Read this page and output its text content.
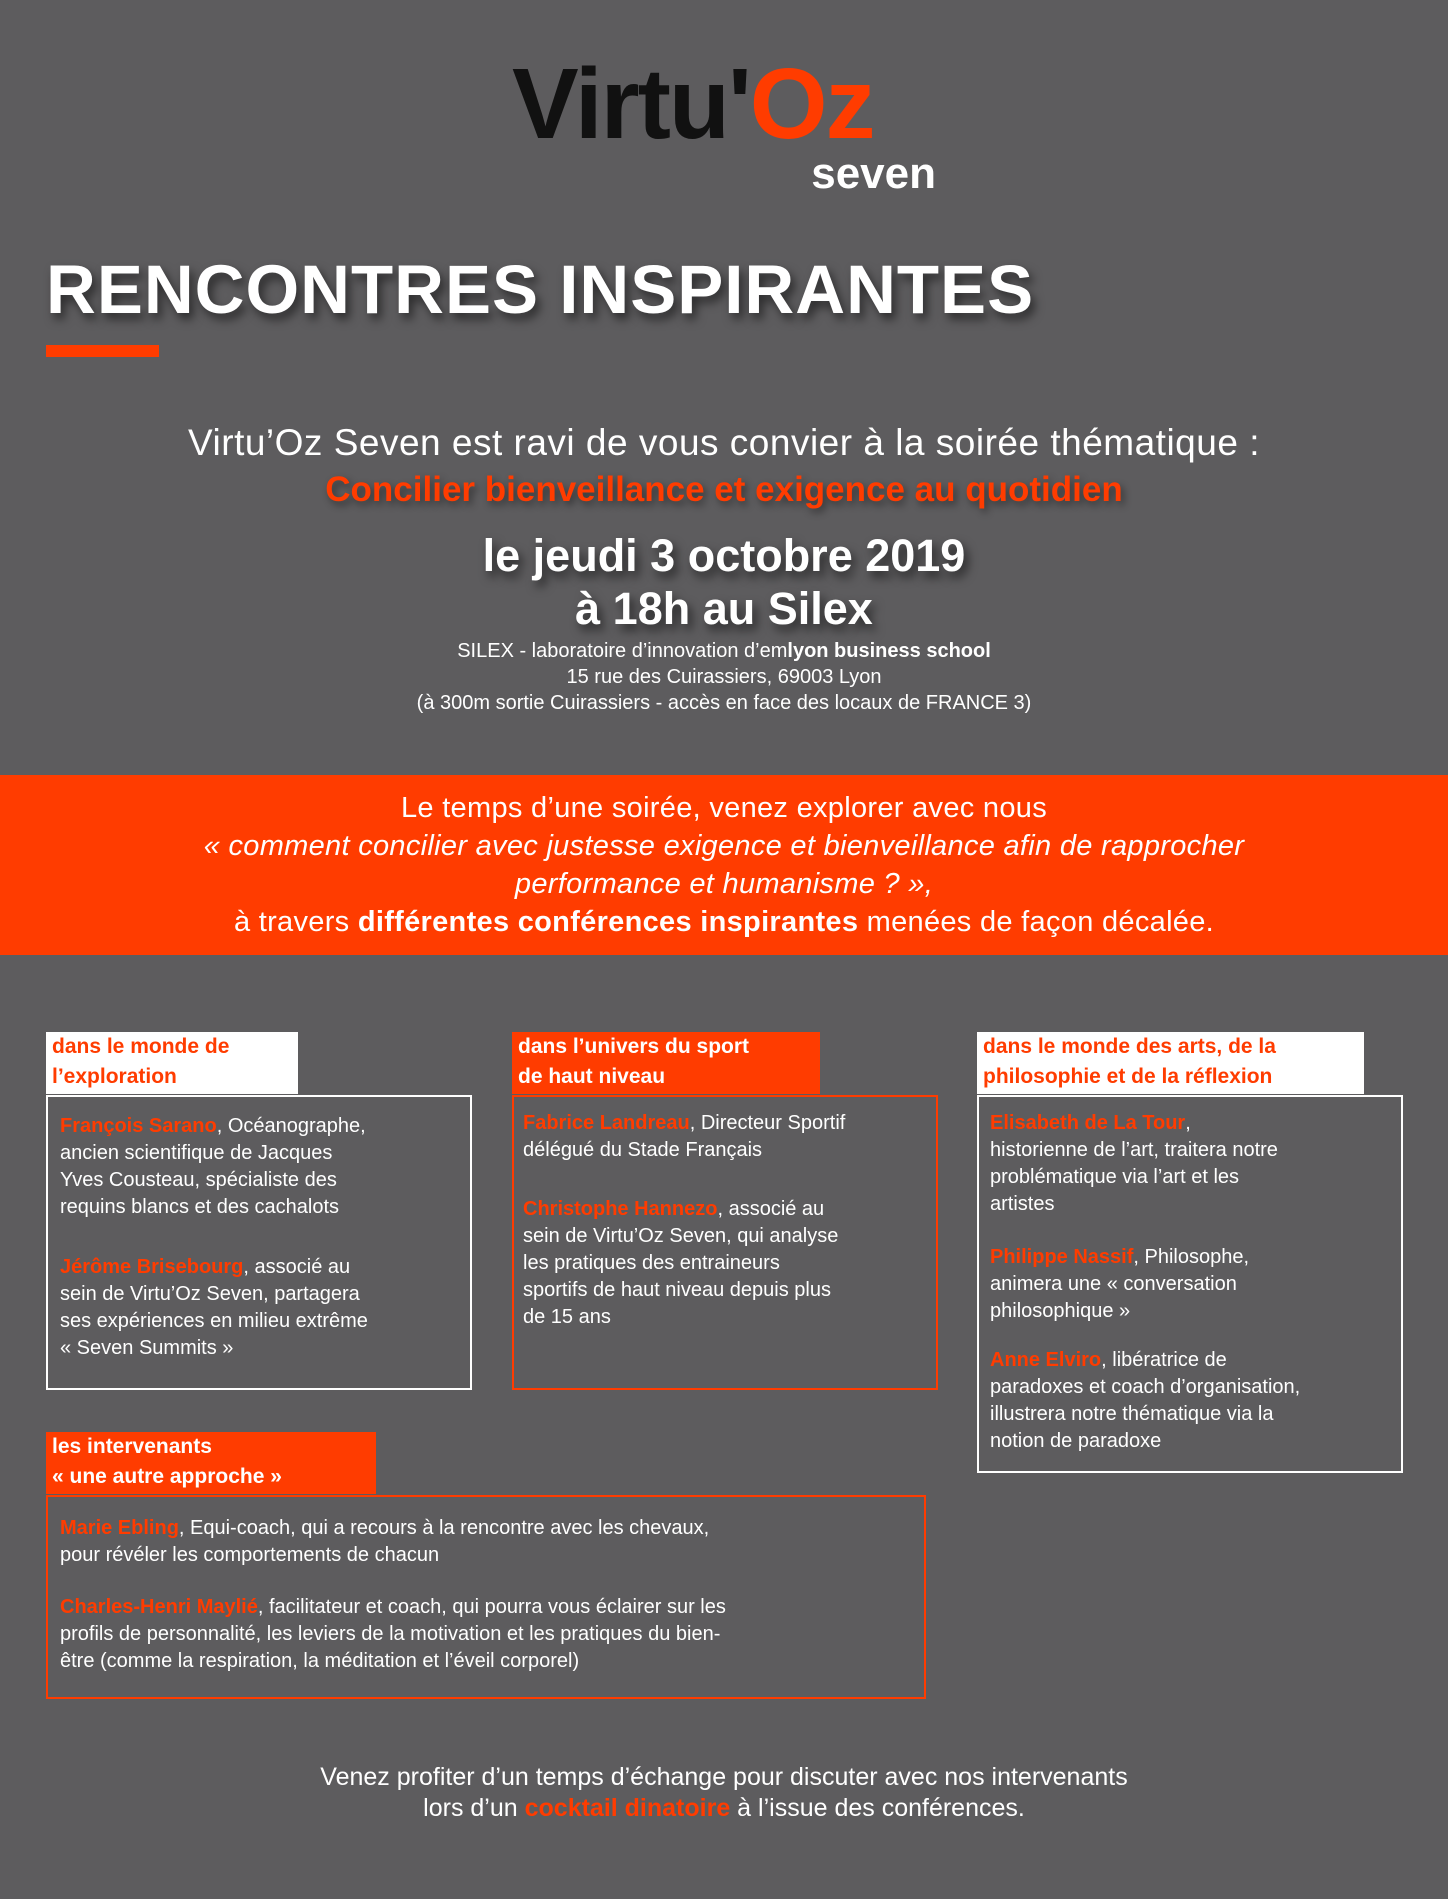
Virtu'Oz
seven
RENCONTRES INSPIRANTES
Virtu’Oz Seven est ravi de vous convier à la soirée thématique :
Concilier bienveillance et exigence au quotidien
le jeudi 3 octobre 2019
à 18h au Silex
SILEX - laboratoire d’innovation d’emlyon business school
15 rue des Cuirassiers, 69003 Lyon
(à 300m sortie Cuirassiers - accès en face des locaux de FRANCE 3)
Le temps d’une soirée, venez explorer avec nous
« comment concilier avec justesse exigence et bienveillance afin de rapprocher
performance et humanisme ? »,
à travers différentes conférences inspirantes menées de façon décalée.
dans le monde de
l’exploration
François Sarano, Océanographe,
ancien scientifique de Jacques
Yves Cousteau, spécialiste des
requins blancs et des cachalots
Jérôme Brisebourg, associé au
sein de Virtu’Oz Seven, partagera
ses expériences en milieu extrême
« Seven Summits »
dans l’univers du sport
de haut niveau
Fabrice Landreau, Directeur Sportif
délégué du Stade Français
Christophe Hannezo, associé au
sein de Virtu’Oz Seven, qui analyse
les pratiques des entraineurs
sportifs de haut niveau depuis plus
de 15 ans
dans le monde des arts, de la
philosophie et de la réflexion
Elisabeth de La Tour,
historienne de l’art, traitera notre
problématique via l’art et les
artistes
Philippe Nassif, Philosophe,
animera une « conversation
philosophique »
Anne Elviro, libératrice de
paradoxes et coach d’organisation,
illustrera notre thématique via la
notion de paradoxe
les intervenants
« une autre approche »
Marie Ebling, Equi-coach, qui a recours à la rencontre avec les chevaux,
pour révéler les comportements de chacun
Charles-Henri Maylié, facilitateur et coach, qui pourra vous éclairer sur les
profils de personnalité, les leviers de la motivation et les pratiques du bien-
être (comme la respiration, la méditation et l’éveil corporel)
Venez profiter d’un temps d’échange pour discuter avec nos intervenants
lors d’un cocktail dinatoire à l’issue des conférences.
